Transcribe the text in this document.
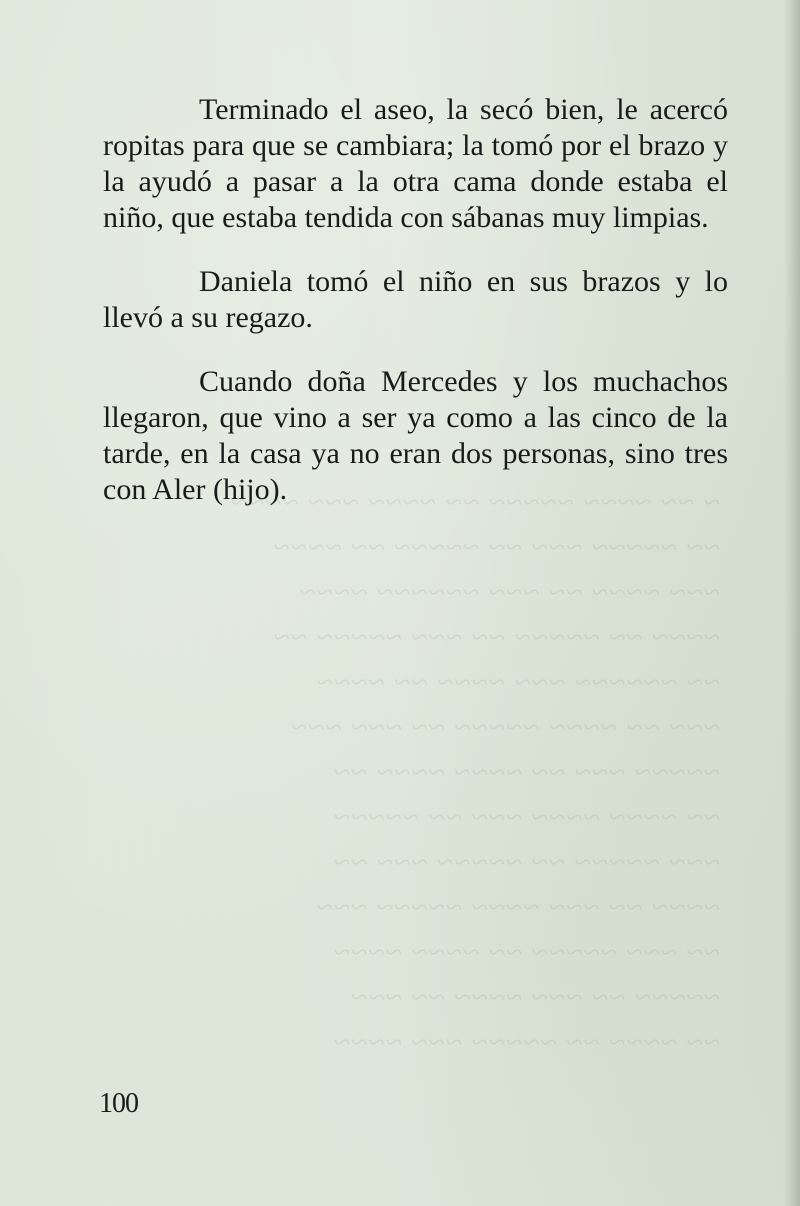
~ ~~ ~~~~ ~~~~~ ~~ ~~~~ ~~~ ~~~~
~~ ~~~~~ ~~~ ~~ ~~~~~ ~~ ~~~~
~~~ ~~~~ ~~ ~~~ ~~~~~~ ~~~~
~~~~ ~~ ~~~~~ ~~ ~~~ ~~~~~ ~~
~~ ~~~~~~ ~~~ ~~~~ ~~ ~~~~
~~~ ~~ ~~~~ ~~~~~ ~~ ~~~ ~~~
~~~~~ ~~~ ~~ ~~~~ ~~~~ ~~
~~ ~~~~ ~~~~ ~~~ ~~ ~~~~~
~~~ ~~~~~ ~~ ~~~~~ ~~~ ~~
~~~~ ~~ ~~~ ~~~~ ~~~~~ ~~~
~~ ~~~ ~~~~~ ~~ ~~~~ ~~~~
~~~~~ ~~ ~~~ ~~~~ ~~ ~~~
~~ ~~~~ ~~ ~~~~~ ~~~ ~~~~

Terminado el aseo, la secó bien, le acercó ropitas para que se cambiara; la tomó por el brazo y la ayudó a pasar a la otra cama donde estaba el niño, que estaba tendida con sábanas muy limpias.

Daniela tomó el niño en sus brazos y lo llevó a su regazo.

Cuando doña Mercedes y los muchachos llegaron, que vino a ser ya como a las cinco de la tarde, en la casa ya no eran dos personas, sino tres con Aler (hijo).

100
